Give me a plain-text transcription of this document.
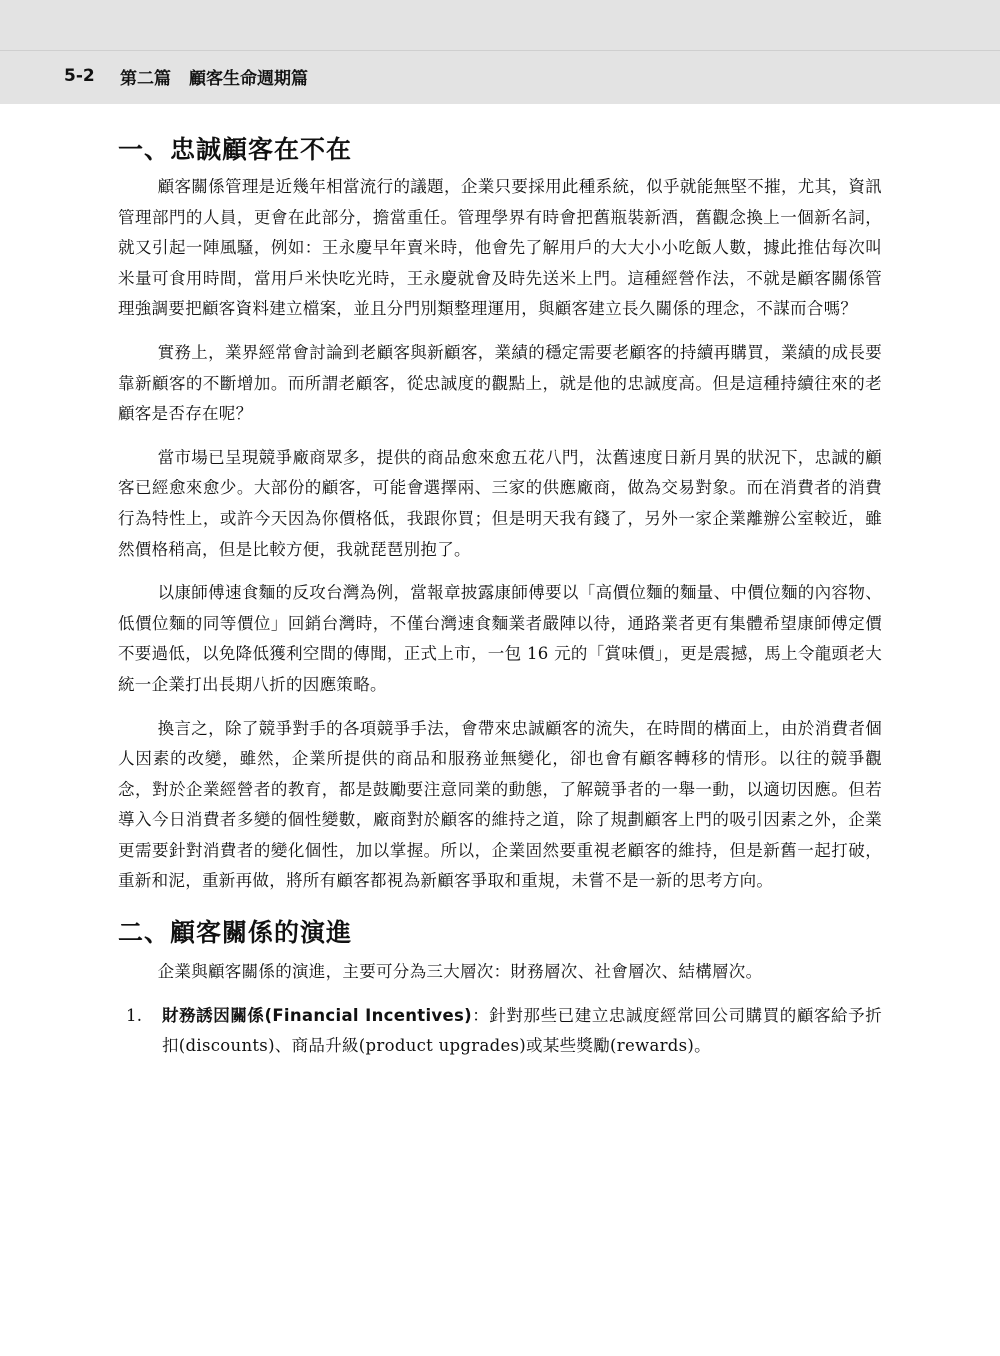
5-2	第二篇 顧客生命週期篇
一、忠誠顧客在不在

顧客關係管理是近幾年相當流行的議題，企業只要採用此種系統，似乎就能無堅不摧，尤其，資訊管理部門的人員，更會在此部分，擔當重任。管理學界有時會把舊瓶裝新酒，舊觀念換上一個新名詞，就又引起一陣風騷，例如：王永慶早年賣米時，他會先了解用戶的大大小小吃飯人數，據此推估每次叫米量可食用時間，當用戶米快吃光時，王永慶就會及時先送米上門。這種經營作法，不就是顧客關係管理強調要把顧客資料建立檔案，並且分門別類整理運用，與顧客建立長久關係的理念，不謀而合嗎？

實務上，業界經常會討論到老顧客與新顧客，業績的穩定需要老顧客的持續再購買，業績的成長要靠新顧客的不斷增加。而所謂老顧客，從忠誠度的觀點上，就是他的忠誠度高。但是這種持續往來的老顧客是否存在呢？

當市場已呈現競爭廠商眾多，提供的商品愈來愈五花八門，汰舊速度日新月異的狀況下，忠誠的顧客已經愈來愈少。大部份的顧客，可能會選擇兩、三家的供應廠商，做為交易對象。而在消費者的消費行為特性上，或許今天因為你價格低，我跟你買；但是明天我有錢了，另外一家企業離辦公室較近，雖然價格稍高，但是比較方便，我就琵琶別抱了。

以康師傅速食麵的反攻台灣為例，當報章披露康師傅要以「高價位麵的麵量、中價位麵的內容物、低價位麵的同等價位」回銷台灣時，不僅台灣速食麵業者嚴陣以待，通路業者更有集體希望康師傅定價不要過低，以免降低獲利空間的傳聞，正式上市，一包 16 元的「賞味價」，更是震撼，馬上令龍頭老大統一企業打出長期八折的因應策略。

換言之，除了競爭對手的各項競爭手法，會帶來忠誠顧客的流失，在時間的構面上，由於消費者個人因素的改變，雖然，企業所提供的商品和服務並無變化，卻也會有顧客轉移的情形。以往的競爭觀念，對於企業經營者的教育，都是鼓勵要注意同業的動態，了解競爭者的一舉一動，以適切因應。但若導入今日消費者多變的個性變數，廠商對於顧客的維持之道，除了規劃顧客上門的吸引因素之外，企業更需要針對消費者的變化個性，加以掌握。所以，企業固然要重視老顧客的維持，但是新舊一起打破，重新和泥，重新再做，將所有顧客都視為新顧客爭取和重規，未嘗不是一新的思考方向。

二、顧客關係的演進

企業與顧客關係的演進，主要可分為三大層次：財務層次、社會層次、結構層次。

1. 財務誘因關係(Financial Incentives)：針對那些已建立忠誠度經常回公司購買的顧客給予折扣(discounts)、商品升級(product upgrades)或某些獎勵(rewards)。
